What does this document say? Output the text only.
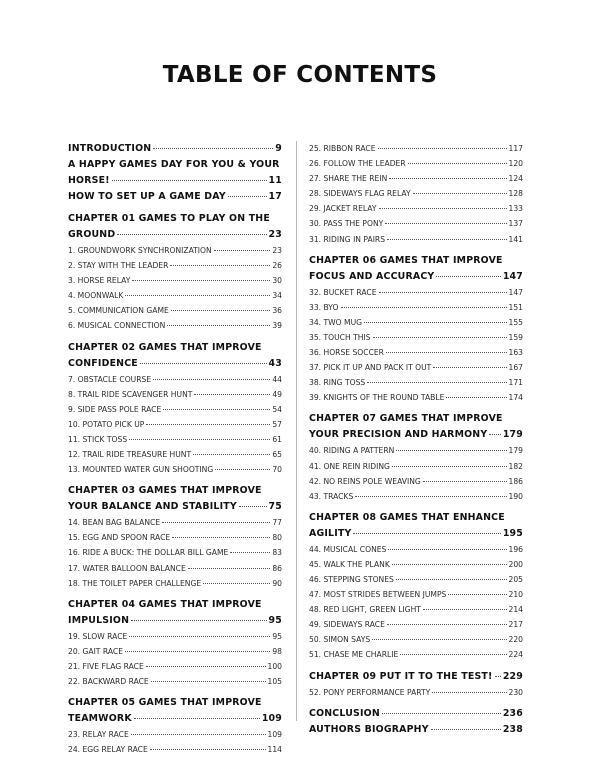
TABLE OF CONTENTS
INTRODUCTION	9
A HAPPY GAMES DAY FOR YOU & YOUR
HORSE!	11
HOW TO SET UP A GAME DAY	17
CHAPTER 01 GAMES TO PLAY ON THE
GROUND	23
1. GROUNDWORK SYNCHRONIZATION	23
2. STAY WITH THE LEADER	26
3. HORSE RELAY	30
4. MOONWALK	34
5. COMMUNICATION GAME	36
6. MUSICAL CONNECTION	39
CHAPTER 02 GAMES THAT IMPROVE
CONFIDENCE	43
7. OBSTACLE COURSE	44
8. TRAIL RIDE SCAVENGER HUNT	49
9. SIDE PASS POLE RACE	54
10. POTATO PICK UP	57
11. STICK TOSS	61
12. TRAIL RIDE TREASURE HUNT	65
13. MOUNTED WATER GUN SHOOTING	70
CHAPTER 03 GAMES THAT IMPROVE
YOUR BALANCE AND STABILITY	75
14. BEAN BAG BALANCE	77
15. EGG AND SPOON RACE	80
16. RIDE A BUCK: THE DOLLAR BILL GAME	83
17. WATER BALLOON BALANCE	86
18. THE TOILET PAPER CHALLENGE	90
CHAPTER 04 GAMES THAT IMPROVE
IMPULSION	95
19. SLOW RACE	95
20. GAIT RACE	98
21. FIVE FLAG RACE	100
22. BACKWARD RACE	105
CHAPTER 05 GAMES THAT IMPROVE
TEAMWORK	109
23. RELAY RACE	109
24. EGG RELAY RACE	114
25. RIBBON RACE	117
26. FOLLOW THE LEADER	120
27. SHARE THE REIN	124
28. SIDEWAYS FLAG RELAY	128
29. JACKET RELAY	133
30. PASS THE PONY	137
31. RIDING IN PAIRS	141
CHAPTER 06 GAMES THAT IMPROVE
FOCUS AND ACCURACY	147
32. BUCKET RACE	147
33. BYO	151
34. TWO MUG	155
35. TOUCH THIS	159
36. HORSE SOCCER	163
37. PICK IT UP AND PACK IT OUT	167
38. RING TOSS	171
39. KNIGHTS OF THE ROUND TABLE	174
CHAPTER 07 GAMES THAT IMPROVE
YOUR PRECISION AND HARMONY 179
40. RIDING A PATTERN	179
41. ONE REIN RIDING	182
42. NO REINS POLE WEAVING	186
43. TRACKS	190
CHAPTER 08 GAMES THAT ENHANCE
AGILITY	195
44. MUSICAL CONES	196
45. WALK THE PLANK	200
46. STEPPING STONES	205
47. MOST STRIDES BETWEEN JUMPS	210
48. RED LIGHT, GREEN LIGHT	214
49. SIDEWAYS RACE	217
50. SIMON SAYS	220
51. CHASE ME CHARLIE	224
CHAPTER 09 PUT IT TO THE TEST! 229
52. PONY PERFORMANCE PARTY	230
CONCLUSION	236
AUTHORS BIOGRAPHY	238
